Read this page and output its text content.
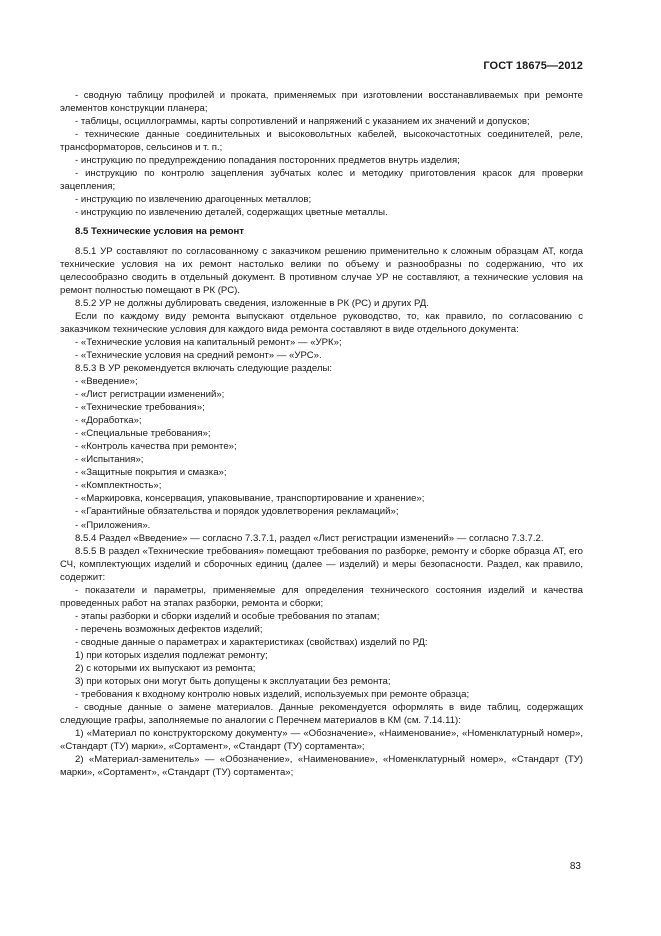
ГОСТ 18675—2012

- сводную таблицу профилей и проката, применяемых при изготовлении восстанавливаемых при ремонте элементов конструкции планера;

- таблицы, осциллограммы, карты сопротивлений и напряжений с указанием их значений и допусков;

- технические данные соединительных и высоковольтных кабелей, высокочастотных соединителей, реле, трансформаторов, сельсинов и т. п.;

- инструкцию по предупреждению попадания посторонних предметов внутрь изделия;

- инструкцию по контролю зацепления зубчатых колес и методику приготовления красок для проверки зацепления;

- инструкцию по извлечению драгоценных металлов;

- инструкцию по извлечению деталей, содержащих цветные металлы.

8.5 Технические условия на ремонт

8.5.1 УР составляют по согласованному с заказчиком решению применительно к сложным образцам АТ, когда технические условия на их ремонт настолько велики по объему и разнообразны по содержанию, что их целесообразно сводить в отдельный документ. В противном случае УР не составляют, а технические условия на ремонт полностью помещают в РК (РС).

8.5.2 УР не должны дублировать сведения, изложенные в РК (РС) и других РД.

Если по каждому виду ремонта выпускают отдельное руководство, то, как правило, по согласованию с заказчиком технические условия для каждого вида ремонта составляют в виде отдельного документа:

- «Технические условия на капитальный ремонт» — «УРК»;

- «Технические условия на средний ремонт» — «УРС».

8.5.3 В УР рекомендуется включать следующие разделы:

- «Введение»;

- «Лист регистрации изменений»;

- «Технические требования»;

- «Доработка»;

- «Специальные требования»;

- «Контроль качества при ремонте»;

- «Испытания»;

- «Защитные покрытия и смазка»;

- «Комплектность»;

- «Маркировка, консервация, упаковывание, транспортирование и хранение»;

- «Гарантийные обязательства и порядок удовлетворения рекламаций»;

- «Приложения».

8.5.4 Раздел «Введение» — согласно 7.3.7.1, раздел «Лист регистрации изменений» — согласно 7.3.7.2.

8.5.5 В раздел «Технические требования» помещают требования по разборке, ремонту и сборке образца АТ, его СЧ, комплектующих изделий и сборочных единиц (далее — изделий) и меры безопасности. Раздел, как правило, содержит:

- показатели и параметры, применяемые для определения технического состояния изделий и качества проведенных работ на этапах разборки, ремонта и сборки;

- этапы разборки и сборки изделий и особые требования по этапам;

- перечень возможных дефектов изделий;

- сводные данные о параметрах и характеристиках (свойствах) изделий по РД:

1) при которых изделия подлежат ремонту;

2) с которыми их выпускают из ремонта;

3) при которых они могут быть допущены к эксплуатации без ремонта;

- требования к входному контролю новых изделий, используемых при ремонте образца;

- сводные данные о замене материалов. Данные рекомендуется оформлять в виде таблиц, содержащих следующие графы, заполняемые по аналогии с Перечнем материалов в КМ (см. 7.14.11):

1) «Материал по конструкторскому документу» — «Обозначение», «Наименование», «Номенклатурный номер», «Стандарт (ТУ) марки», «Сортамент», «Стандарт (ТУ) сортамента»;

2) «Материал-заменитель» — «Обозначение», «Наименование», «Номенклатурный номер», «Стандарт (ТУ) марки», «Сортамент», «Стандарт (ТУ) сортамента»;

83
